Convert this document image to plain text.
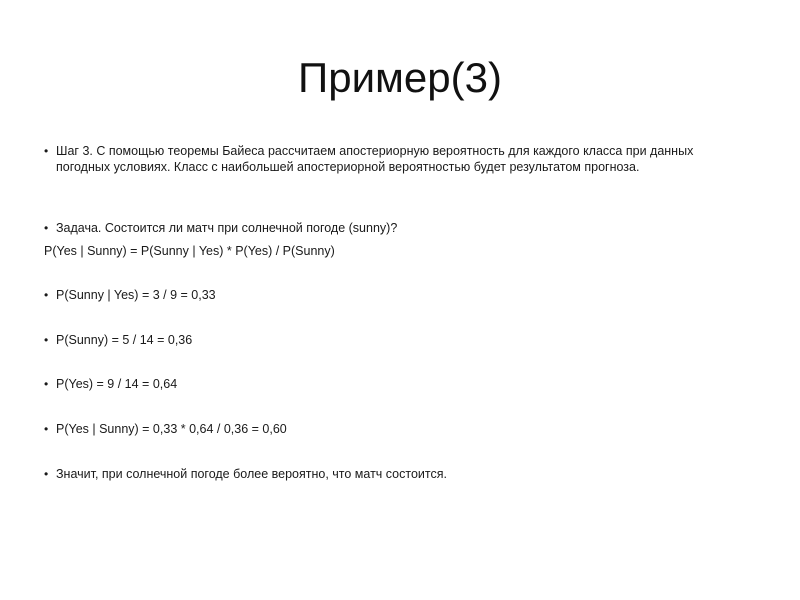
Пример(3)
• Шаг 3. С помощью теоремы Байеса рассчитаем апостериорную вероятность для каждого класса при данных погодных условиях. Класс с наибольшей апостериорной вероятностью будет результатом прогноза.
• Задача. Состоится ли матч при солнечной погоде (sunny)?
P(Yes | Sunny) = P(Sunny | Yes) * P(Yes) / P(Sunny)
• P(Sunny | Yes) = 3 / 9 = 0,33
• P(Sunny) = 5 / 14 = 0,36
• P(Yes) = 9 / 14 = 0,64
• P(Yes | Sunny) = 0,33 * 0,64 / 0,36 = 0,60
• Значит, при солнечной погоде более вероятно, что матч состоится.
